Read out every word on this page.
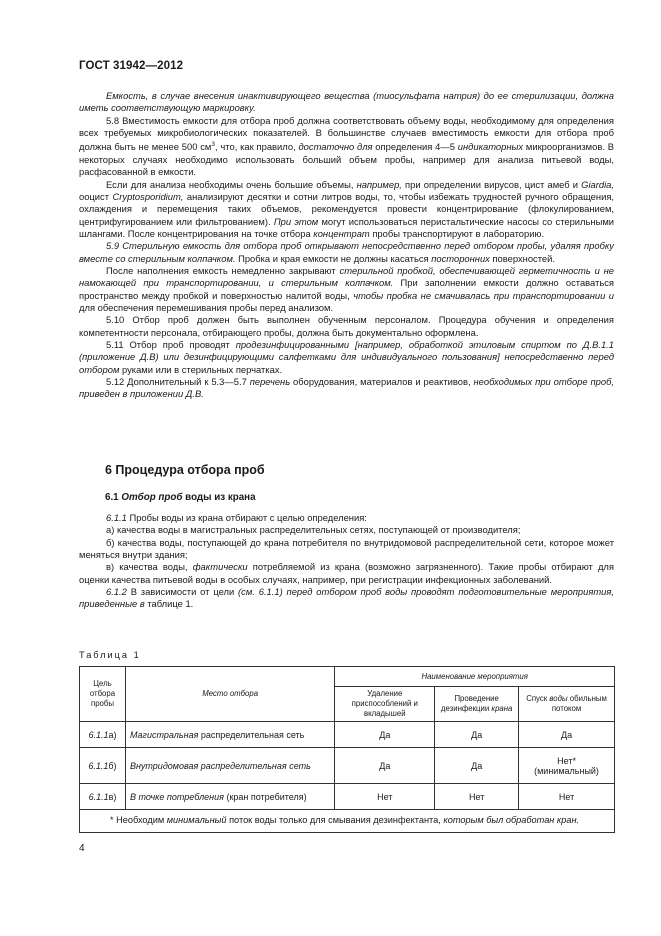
ГОСТ 31942—2012

Емкость, в случае внесения инактивирующего вещества (тиосульфата натрия) до ее стерилизации, должна иметь соответствующую маркировку.

5.8 Вместимость емкости для отбора проб должна соответствовать объему воды, необходимому для определения всех требуемых микробиологических показателей. В большинстве случаев вместимость емкости для отбора проб должна быть не менее 500 $см^3$, что, как правило, достаточно для определения 4—5 индикаторных микроорганизмов. В некоторых случаях необходимо использовать больший объем пробы, например для анализа питьевой воды, расфасованной в емкости.

Если для анализа необходимы очень большие объемы, например, при определении вирусов, цист амеб и Giardia, ооцист Cryptosporidium, анализируют десятки и сотни литров воды, то, чтобы избежать трудностей ручного обращения, охлаждения и перемещения таких объемов, рекомендуется провести концентрирование (флокулированием, центрифугированием или фильтрованием). При этом могут использоваться перистальтические насосы со стерильными шлангами. После концентрирования на точке отбора концентрат пробы транспортируют в лабораторию.

5.9 Стерильную емкость для отбора проб открывают непосредственно перед отбором пробы, удаляя пробку вместе со стерильным колпачком. Пробка и края емкости не должны касаться посторонних поверхностей.

После наполнения емкость немедленно закрывают стерильной пробкой, обеспечивающей герметичность и не намокающей при транспортировании, и стерильным колпачком. При заполнении емкости должно оставаться пространство между пробкой и поверхностью налитой воды, чтобы пробка не смачивалась при транспортировании и для обеспечения перемешивания пробы перед анализом.

5.10 Отбор проб должен быть выполнен обученным персоналом. Процедура обучения и определения компетентности персонала, отбирающего пробы, должна быть документально оформлена.

5.11 Отбор проб проводят продезинфицированными [например, обработкой этиловым спиртом по Д.В.1.1 (приложение Д.В) или дезинфицирующими салфетками для индивидуального пользования] непосредственно перед отбором руками или в стерильных перчатках.

5.12 Дополнительный к 5.3—5.7 перечень оборудования, материалов и реактивов, необходимых при отборе проб, приведен в приложении Д.В.

6 Процедура отбора проб
6.1 Отбор проб воды из крана

6.1.1 Пробы воды из крана отбирают с целью определения:

а) качества воды в магистральных распределительных сетях, поступающей от производителя;

б) качества воды, поступающей до крана потребителя по внутридомовой распределительной сети, которое может меняться внутри здания;

в) качества воды, фактически потребляемой из крана (возможно загрязненного). Такие пробы отбирают для оценки качества питьевой воды в особых случаях, например, при регистрации инфекционных заболеваний.

6.1.2 В зависимости от цели (см. 6.1.1) перед отбором проб воды проводят подготовительные мероприятия, приведенные в таблице 1.

Таблица 1
Цель отбора пробы	Место отбора	Наименование мероприятия		
		Удаление приспособлений и вкладышей	Проведение дезинфекции крана	Спуск воды обильным потоком
6.1.1а)	Магистральная распределительная сеть	Да	Да	Да
6.1.1б)	Внутридомовая распределительная сеть	Да	Да	Нет*
(минимальный)
6.1.1в)	В точке потребления (кран потребителя)	Нет	Нет	Нет
* Необходим минимальный поток воды только для смывания дезинфектанта, которым был обработан кран.				
4
